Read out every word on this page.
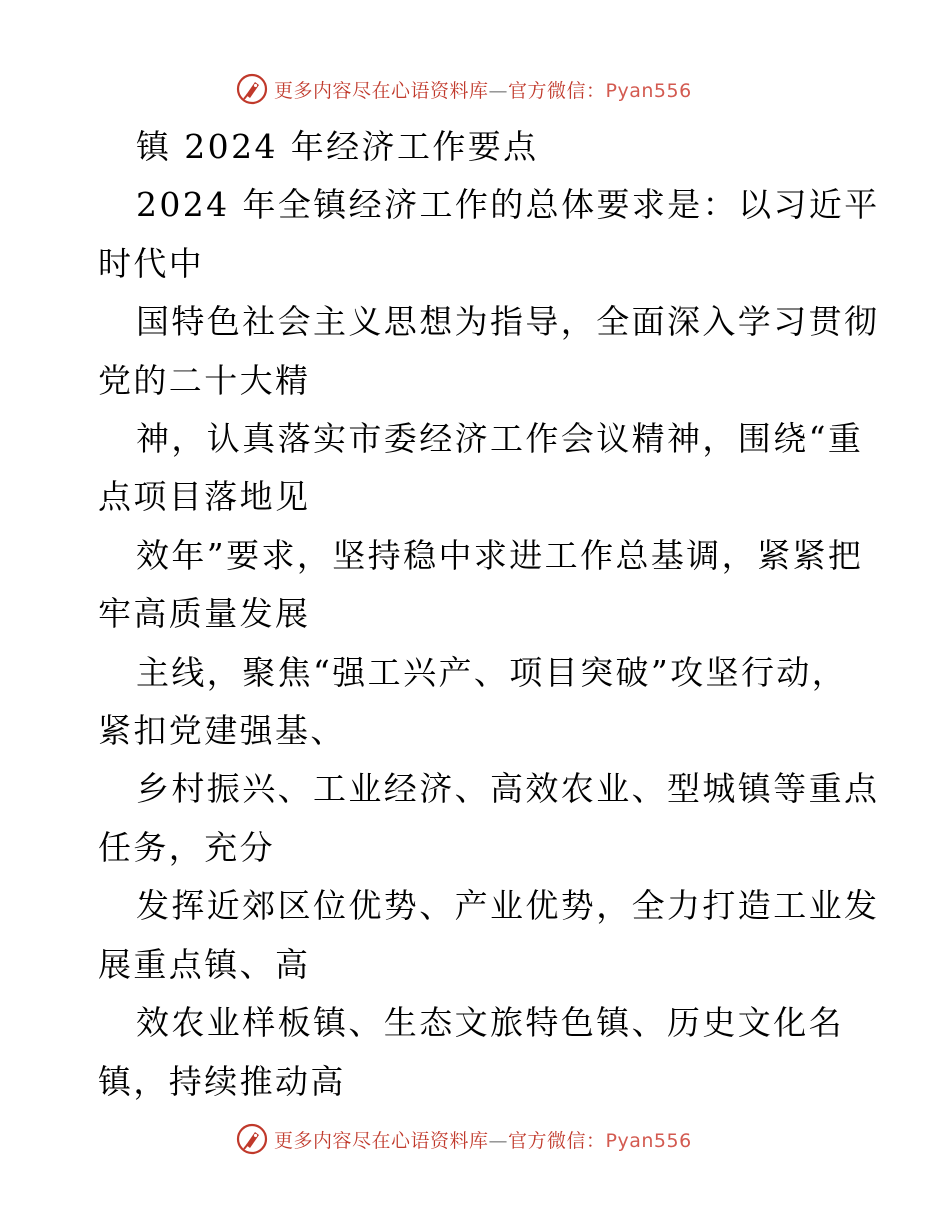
更多内容尽在心语资料库—官方微信：Pyan556
镇 2024 年经济工作要点
2024 年全镇经济工作的总体要求是：以习近平
时代中
国特色社会主义思想为指导，全面深入学习贯彻
党的二十大精
神，认真落实市委经济工作会议精神，围绕“重
点项目落地见
效年”要求，坚持稳中求进工作总基调，紧紧把
牢高质量发展
主线，聚焦“强工兴产、项目突破”攻坚行动，
紧扣党建强基、
乡村振兴、工业经济、高效农业、型城镇等重点
任务，充分
发挥近郊区位优势、产业优势，全力打造工业发
展重点镇、高
效农业样板镇、生态文旅特色镇、历史文化名
镇，持续推动高
更多内容尽在心语资料库—官方微信：Pyan556
